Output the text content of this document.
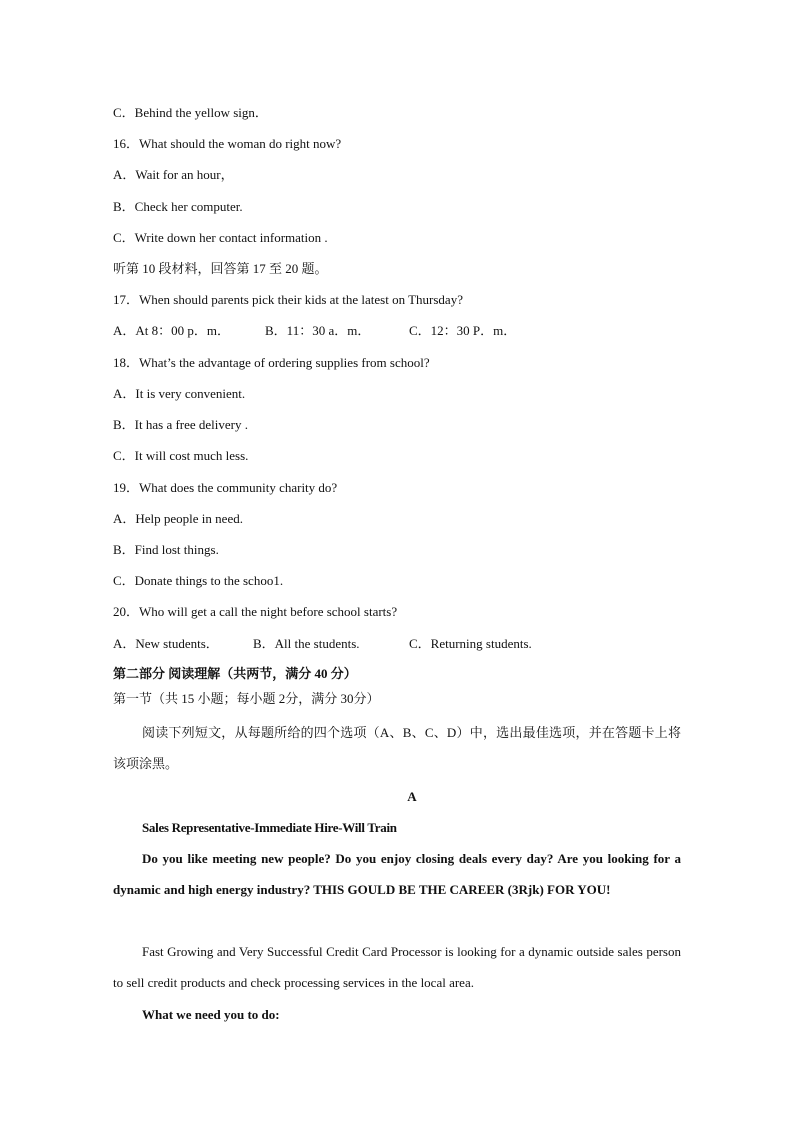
C．Behind the yellow sign．
16．What should the woman do right now?
A．Wait for an hour，
B．Check her computer.
C．Write down her contact information .
听第 10 段材料，回答第 17 至 20 题。
17．When should parents pick their kids at the latest on Thursday?
A．At 8：00 p．m．	B．11：30 a．m．	C．12：30 P．m．
18．What’s the advantage of ordering supplies from school?
A．It is very convenient.
B．It has a free delivery .
C．It will cost much less.
19．What does the community charity do?
A．Help people in need.
B．Find lost things.
C．Donate things to the schoo1.
20．Who will get a call the night before school starts?
A．New students．	B．All the students.	C．Returning students.
第二部分 阅读理解（共两节，满分 40 分）
第一节（共 15 小题；每小题 2分，满分 30分）
阅读下列短文，从每题所给的四个选项（A、B、C、D）中，选出最佳选项，并在答题卡上将该项涂黑。
A
Sales Representative-Immediate Hire-Will Train
Do you like meeting new people? Do you enjoy closing deals every day? Are you looking for a dynamic and high energy industry? THIS GOULD BE THE CAREER (3Rjk) FOR YOU!
Fast Growing and Very Successful Credit Card Processor is looking for a dynamic outside sales person to sell credit products and check processing services in the local area.
What we need you to do:
